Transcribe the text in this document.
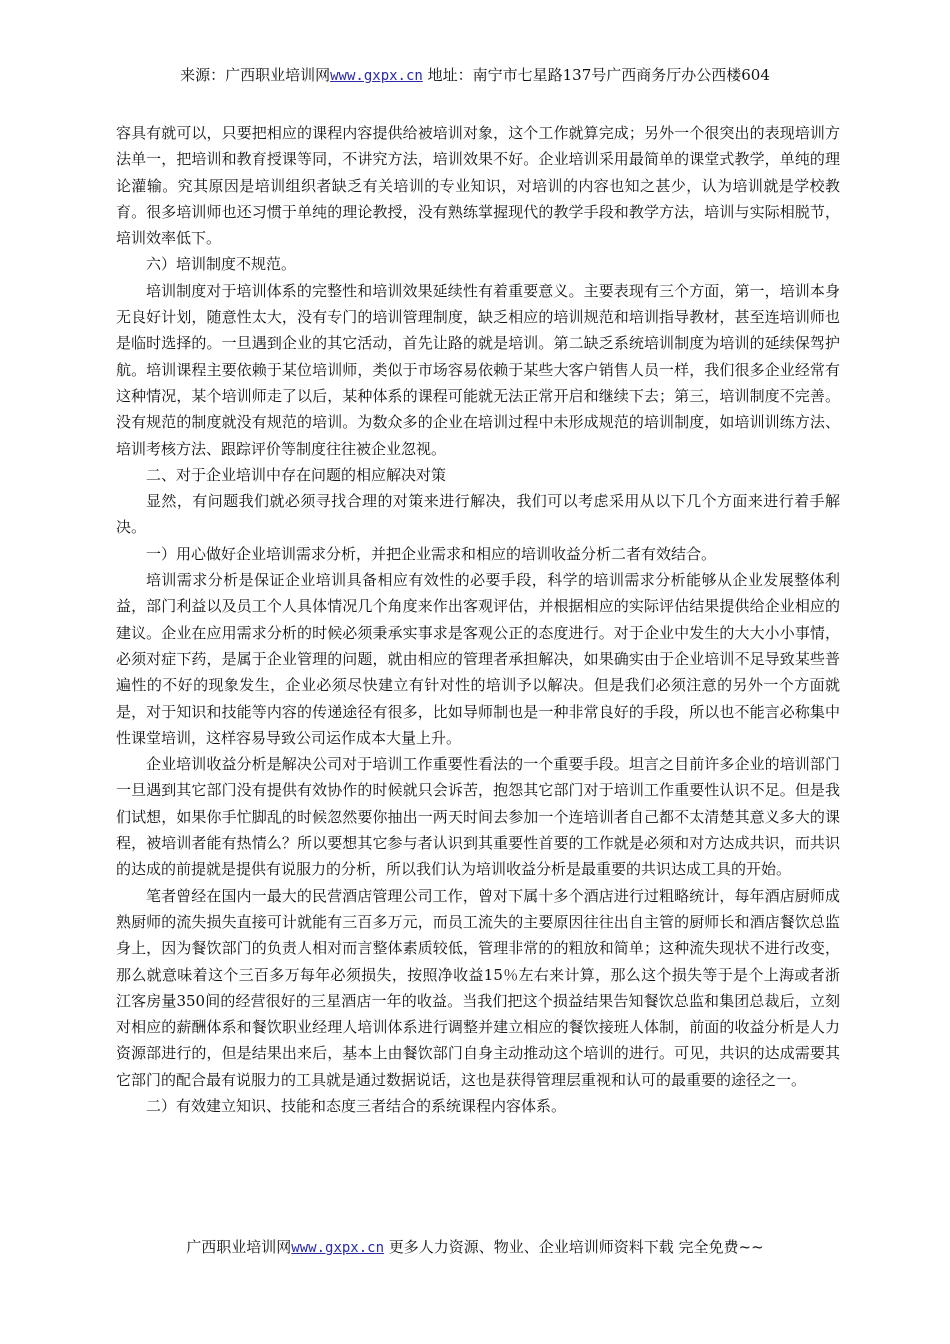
来源：广西职业培训网www.gxpx.cn 地址：南宁市七星路137号广西商务厅办公西楼604

容具有就可以，只要把相应的课程内容提供给被培训对象，这个工作就算完成；另外一个很突出的表现培训方法单一，把培训和教育授课等同，不讲究方法，培训效果不好。企业培训采用最简单的课堂式教学，单纯的理论灌输。究其原因是培训组织者缺乏有关培训的专业知识，对培训的内容也知之甚少，认为培训就是学校教育。很多培训师也还习惯于单纯的理论教授，没有熟练掌握现代的教学手段和教学方法，培训与实际相脱节，培训效率低下。

六）培训制度不规范。

培训制度对于培训体系的完整性和培训效果延续性有着重要意义。主要表现有三个方面，第一，培训本身无良好计划，随意性太大，没有专门的培训管理制度，缺乏相应的培训规范和培训指导教材，甚至连培训师也是临时选择的。一旦遇到企业的其它活动，首先让路的就是培训。第二缺乏系统培训制度为培训的延续保驾护航。培训课程主要依赖于某位培训师，类似于市场容易依赖于某些大客户销售人员一样，我们很多企业经常有这种情况，某个培训师走了以后，某种体系的课程可能就无法正常开启和继续下去；第三，培训制度不完善。没有规范的制度就没有规范的培训。为数众多的企业在培训过程中未形成规范的培训制度，如培训训练方法、培训考核方法、跟踪评价等制度往往被企业忽视。

二、对于企业培训中存在问题的相应解决对策

显然，有问题我们就必须寻找合理的对策来进行解决，我们可以考虑采用从以下几个方面来进行着手解决。

一）用心做好企业培训需求分析，并把企业需求和相应的培训收益分析二者有效结合。

培训需求分析是保证企业培训具备相应有效性的必要手段，科学的培训需求分析能够从企业发展整体利益，部门利益以及员工个人具体情况几个角度来作出客观评估，并根据相应的实际评估结果提供给企业相应的建议。企业在应用需求分析的时候必须秉承实事求是客观公正的态度进行。对于企业中发生的大大小小事情，必须对症下药，是属于企业管理的问题，就由相应的管理者承担解决，如果确实由于企业培训不足导致某些普遍性的不好的现象发生，企业必须尽快建立有针对性的培训予以解决。但是我们必须注意的另外一个方面就是，对于知识和技能等内容的传递途径有很多，比如导师制也是一种非常良好的手段，所以也不能言必称集中性课堂培训，这样容易导致公司运作成本大量上升。

企业培训收益分析是解决公司对于培训工作重要性看法的一个重要手段。坦言之目前许多企业的培训部门一旦遇到其它部门没有提供有效协作的时候就只会诉苦，抱怨其它部门对于培训工作重要性认识不足。但是我们试想，如果你手忙脚乱的时候忽然要你抽出一两天时间去参加一个连培训者自己都不太清楚其意义多大的课程，被培训者能有热情么？所以要想其它参与者认识到其重要性首要的工作就是必须和对方达成共识，而共识的达成的前提就是提供有说服力的分析，所以我们认为培训收益分析是最重要的共识达成工具的开始。

笔者曾经在国内一最大的民营酒店管理公司工作，曾对下属十多个酒店进行过粗略统计，每年酒店厨师成熟厨师的流失损失直接可计就能有三百多万元，而员工流失的主要原因往往出自主管的厨师长和酒店餐饮总监身上，因为餐饮部门的负责人相对而言整体素质较低，管理非常的的粗放和简单；这种流失现状不进行改变，那么就意味着这个三百多万每年必须损失，按照净收益15％左右来计算，那么这个损失等于是个上海或者浙江客房量350间的经营很好的三星酒店一年的收益。当我们把这个损益结果告知餐饮总监和集团总裁后，立刻对相应的薪酬体系和餐饮职业经理人培训体系进行调整并建立相应的餐饮接班人体制，前面的收益分析是人力资源部进行的，但是结果出来后，基本上由餐饮部门自身主动推动这个培训的进行。可见，共识的达成需要其它部门的配合最有说服力的工具就是通过数据说话，这也是获得管理层重视和认可的最重要的途径之一。

二）有效建立知识、技能和态度三者结合的系统课程内容体系。

广西职业培训网www.gxpx.cn 更多人力资源、物业、企业培训师资料下载 完全免费~~
